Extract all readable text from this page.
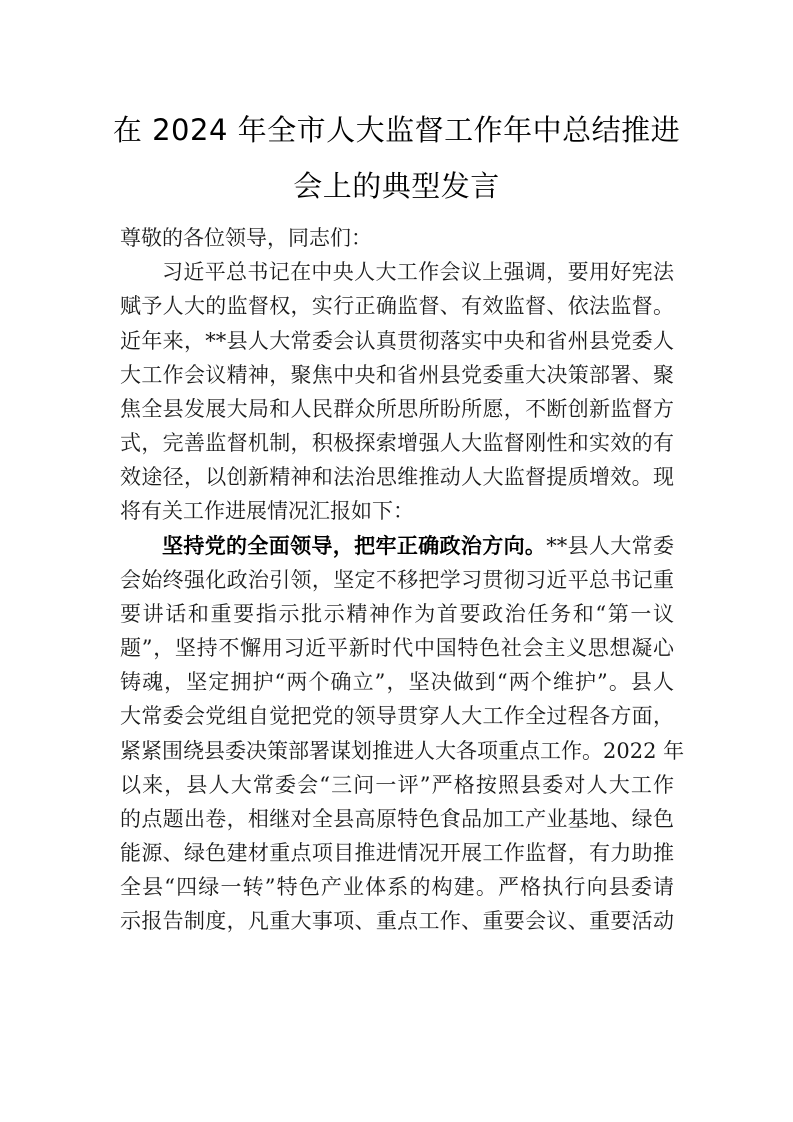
在 2024 年全市人大监督工作年中总结推进
会上的典型发言
尊敬的各位领导，同志们：
习近平总书记在中央人大工作会议上强调，要用好宪法
赋予人大的监督权，实行正确监督、有效监督、依法监督。
近年来，**县人大常委会认真贯彻落实中央和省州县党委人
大工作会议精神，聚焦中央和省州县党委重大决策部署、聚
焦全县发展大局和人民群众所思所盼所愿，不断创新监督方
式，完善监督机制，积极探索增强人大监督刚性和实效的有
效途径，以创新精神和法治思维推动人大监督提质增效。现
将有关工作进展情况汇报如下：
坚持党的全面领导，把牢正确政治方向。**县人大常委
会始终强化政治引领，坚定不移把学习贯彻习近平总书记重
要讲话和重要指示批示精神作为首要政治任务和“第一议
题”，坚持不懈用习近平新时代中国特色社会主义思想凝心
铸魂，坚定拥护“两个确立”，坚决做到“两个维护”。县人
大常委会党组自觉把党的领导贯穿人大工作全过程各方面，
紧紧围绕县委决策部署谋划推进人大各项重点工作。2022 年
以来，县人大常委会“三问一评”严格按照县委对人大工作
的点题出卷，相继对全县高原特色食品加工产业基地、绿色
能源、绿色建材重点项目推进情况开展工作监督，有力助推
全县“四绿一转”特色产业体系的构建。严格执行向县委请
示报告制度，凡重大事项、重点工作、重要会议、重要活动
